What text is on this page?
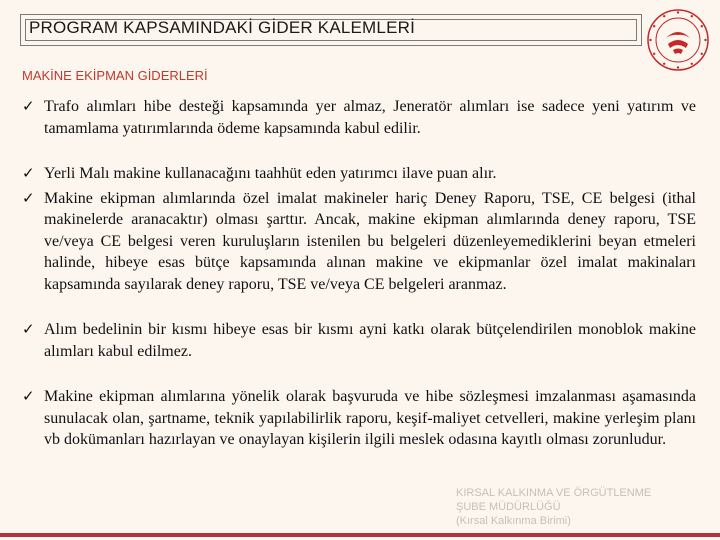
PROGRAM KAPSAMINDAKİ GİDER KALEMLERİ
MAKİNE EKİPMAN GİDERLERİ
✓ Trafo alımları hibe desteği kapsamında yer almaz, Jeneratör alımları ise sadece yeni yatırım ve tamamlama yatırımlarında ödeme kapsamında kabul edilir.
✓ Yerli Malı makine kullanacağını taahhüt eden yatırımcı ilave puan alır.
✓ Makine ekipman alımlarında özel imalat makineler hariç Deney Raporu, TSE, CE belgesi (ithal makinelerde aranacaktır) olması şarttır. Ancak, makine ekipman alımlarında deney raporu, TSE ve/veya CE belgesi veren kuruluşların istenilen bu belgeleri düzenleyemediklerini beyan etmeleri halinde, hibeye esas bütçe kapsamında alınan makine ve ekipmanlar özel imalat makinaları kapsamında sayılarak deney raporu, TSE ve/veya CE belgeleri aranmaz.
✓ Alım bedelinin bir kısmı hibeye esas bir kısmı ayni katkı olarak bütçelendirilen monoblok makine alımları kabul edilmez.
✓ Makine ekipman alımlarına yönelik olarak başvuruda ve hibe sözleşmesi imzalanması aşamasında sunulacak olan, şartname, teknik yapılabilirlik raporu, keşif-maliyet cetvelleri, makine yerleşim planı vb dokümanları hazırlayan ve onaylayan kişilerin ilgili meslek odasına kayıtlı olması zorunludur.
KIRSAL KALKINMA VE ÖRGÜTLENME
ŞUBE MÜDÜRLÜĞÜ
(Kırsal Kalkınma Birimi)
